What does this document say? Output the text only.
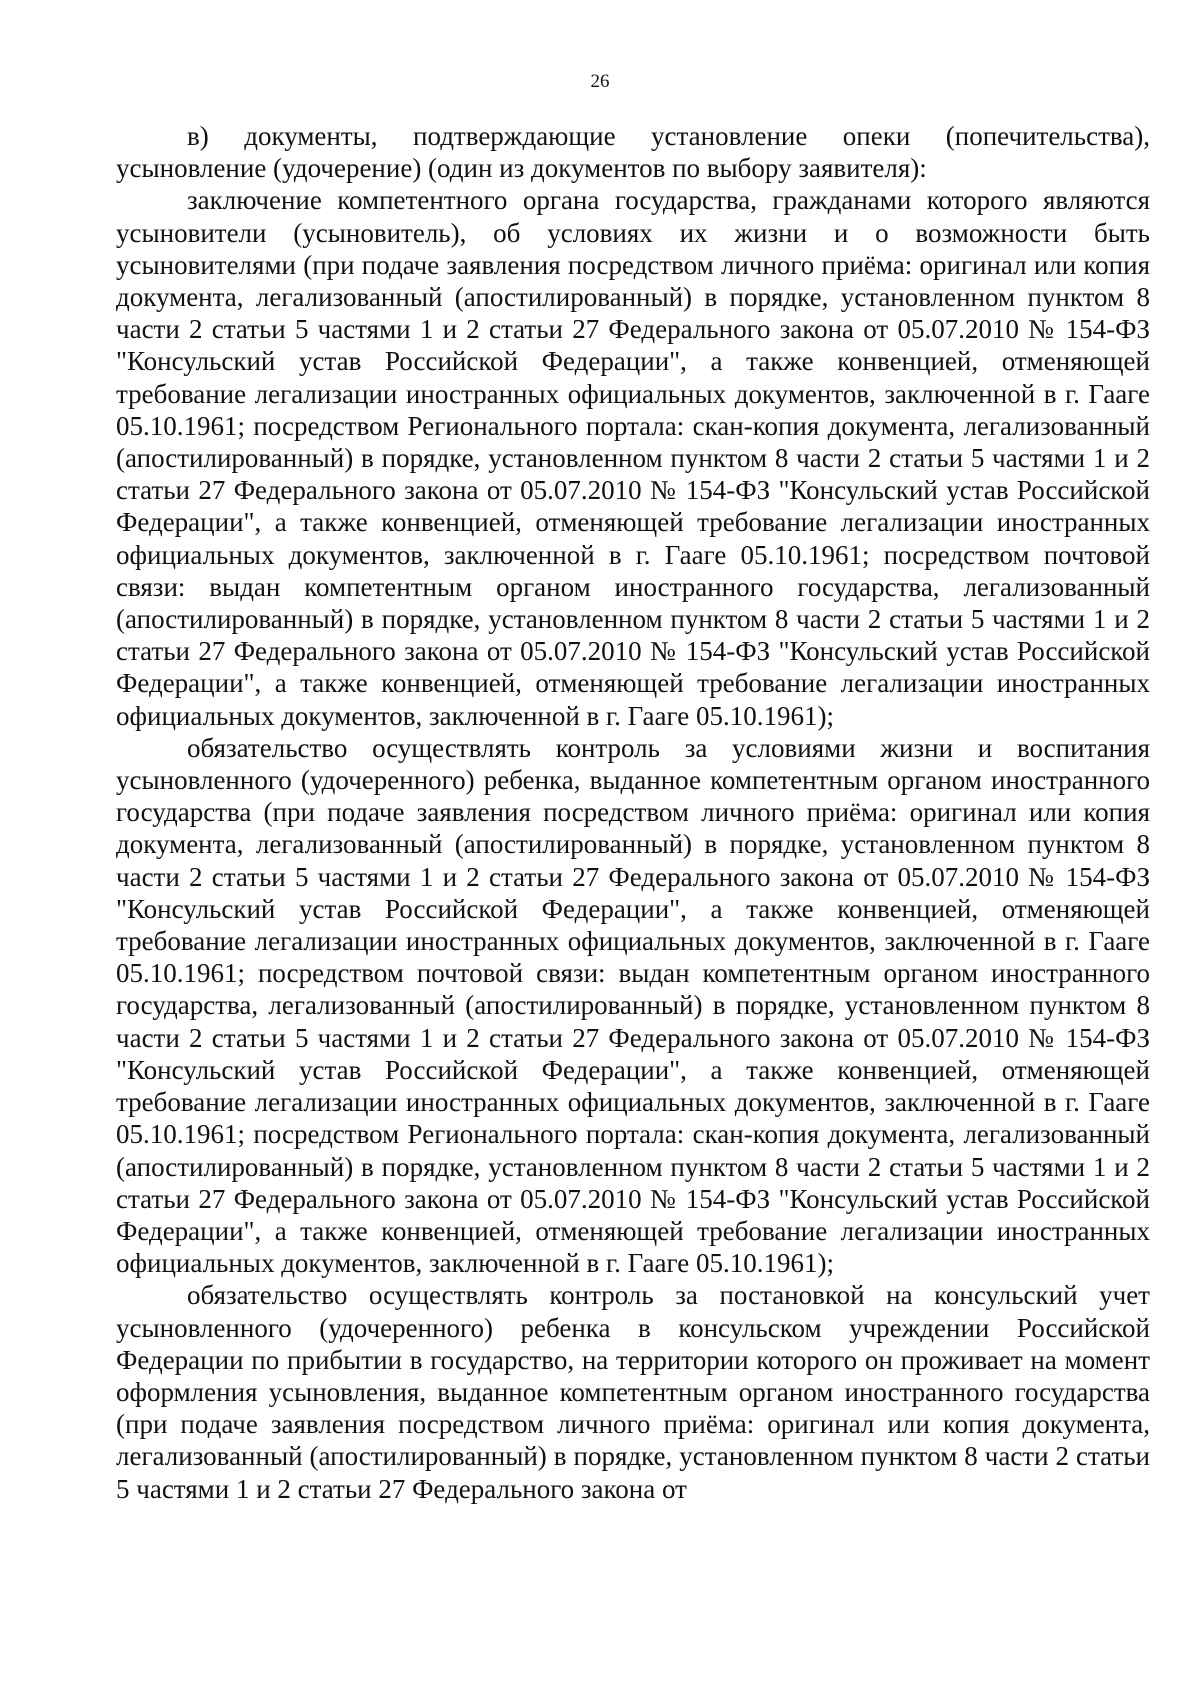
26

в) документы, подтверждающие установление опеки (попечительства), усыновление (удочерение) (один из документов по выбору заявителя):

заключение компетентного органа государства, гражданами которого являются усыновители (усыновитель), об условиях их жизни и о возможности быть усыновителями (при подаче заявления посредством личного приёма: оригинал или копия документа, легализованный (апостилированный) в порядке, установленном пунктом 8 части 2 статьи 5 частями 1 и 2 статьи 27 Федерального закона от 05.07.2010 № 154-ФЗ "Консульский устав Российской Федерации", а также конвенцией, отменяющей требование легализации иностранных официальных документов, заключенной в г. Гааге 05.10.1961; посредством Регионального портала: скан-копия документа, легализованный (апостилированный) в порядке, установленном пунктом 8 части 2 статьи 5 частями 1 и 2 статьи 27 Федерального закона от 05.07.2010 № 154-ФЗ "Консульский устав Российской Федерации", а также конвенцией, отменяющей требование легализации иностранных официальных документов, заключенной в г. Гааге 05.10.1961; посредством почтовой связи: выдан компетентным органом иностранного государства, легализованный (апостилированный) в порядке, установленном пунктом 8 части 2 статьи 5 частями 1 и 2 статьи 27 Федерального закона от 05.07.2010 № 154-ФЗ "Консульский устав Российской Федерации", а также конвенцией, отменяющей требование легализации иностранных официальных документов, заключенной в г. Гааге 05.10.1961);

обязательство осуществлять контроль за условиями жизни и воспитания усыновленного (удочеренного) ребенка, выданное компетентным органом иностранного государства (при подаче заявления посредством личного приёма: оригинал или копия документа, легализованный (апостилированный) в порядке, установленном пунктом 8 части 2 статьи 5 частями 1 и 2 статьи 27 Федерального закона от 05.07.2010 № 154-ФЗ "Консульский устав Российской Федерации", а также конвенцией, отменяющей требование легализации иностранных официальных документов, заключенной в г. Гааге 05.10.1961; посредством почтовой связи: выдан компетентным органом иностранного государства, легализованный (апостилированный) в порядке, установленном пунктом 8 части 2 статьи 5 частями 1 и 2 статьи 27 Федерального закона от 05.07.2010 № 154-ФЗ "Консульский устав Российской Федерации", а также конвенцией, отменяющей требование легализации иностранных официальных документов, заключенной в г. Гааге 05.10.1961; посредством Регионального портала: скан-копия документа, легализованный (апостилированный) в порядке, установленном пунктом 8 части 2 статьи 5 частями 1 и 2 статьи 27 Федерального закона от 05.07.2010 № 154-ФЗ "Консульский устав Российской Федерации", а также конвенцией, отменяющей требование легализации иностранных официальных документов, заключенной в г. Гааге 05.10.1961);

обязательство осуществлять контроль за постановкой на консульский учет усыновленного (удочеренного) ребенка в консульском учреждении Российской Федерации по прибытии в государство, на территории которого он проживает на момент оформления усыновления, выданное компетентным органом иностранного государства (при подаче заявления посредством личного приёма: оригинал или копия документа, легализованный (апостилированный) в порядке, установленном пунктом 8 части 2 статьи 5 частями 1 и 2 статьи 27 Федерального закона от
